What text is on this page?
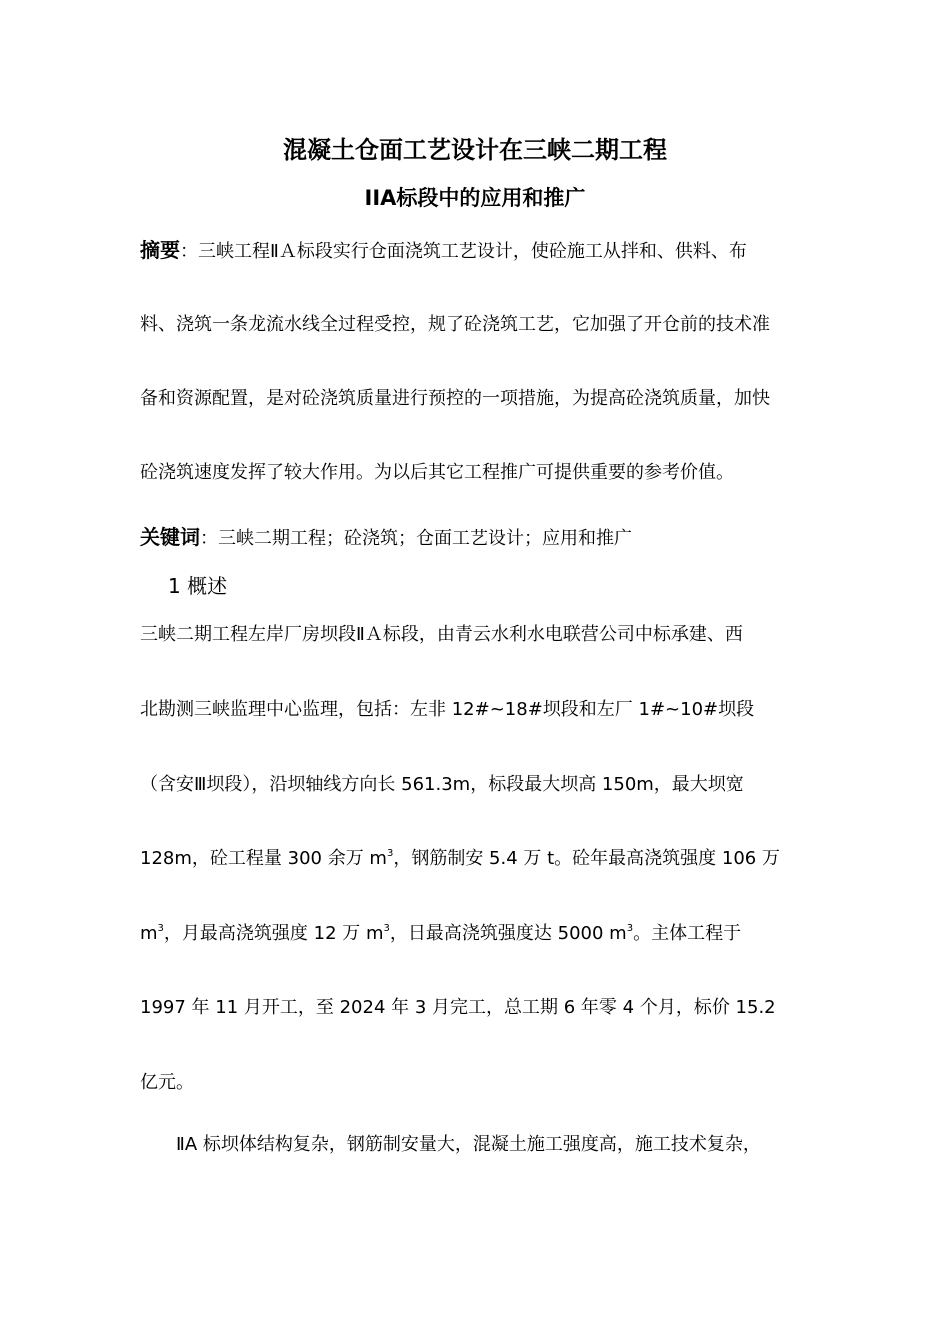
混凝土仓面工艺设计在三峡二期工程
IIA标段中的应用和推广

摘要：三峡工程ⅡＡ标段实行仓面浇筑工艺设计，使砼施工从拌和、供料、布

料、浇筑一条龙流水线全过程受控，规了砼浇筑工艺，它加强了开仓前的技术准

备和资源配置，是对砼浇筑质量进行预控的一项措施，为提高砼浇筑质量，加快

砼浇筑速度发挥了较大作用。为以后其它工程推广可提供重要的参考价值。

关键词：三峡二期工程；砼浇筑；仓面工艺设计；应用和推广

1 概述

三峡二期工程左岸厂房坝段ⅡＡ标段，由青云水利水电联营公司中标承建、西

北勘测三峡监理中心监理，包括：左非 12#~18#坝段和左厂 1#~10#坝段

（含安Ⅲ坝段），沿坝轴线方向长 561.3m，标段最大坝高 150m，最大坝宽

128m，砼工程量 300 余万 $m^3$，钢筋制安 5.4 万 t。砼年最高浇筑强度 106 万

$m^3$，月最高浇筑强度 12 万 $m^3$，日最高浇筑强度达 5000 $m^3$。主体工程于

1997 年 11 月开工，至 2024 年 3 月完工，总工期 6 年零 4 个月，标价 15.2

亿元。

ⅡA 标坝体结构复杂，钢筋制安量大，混凝土施工强度高，施工技术复杂，
